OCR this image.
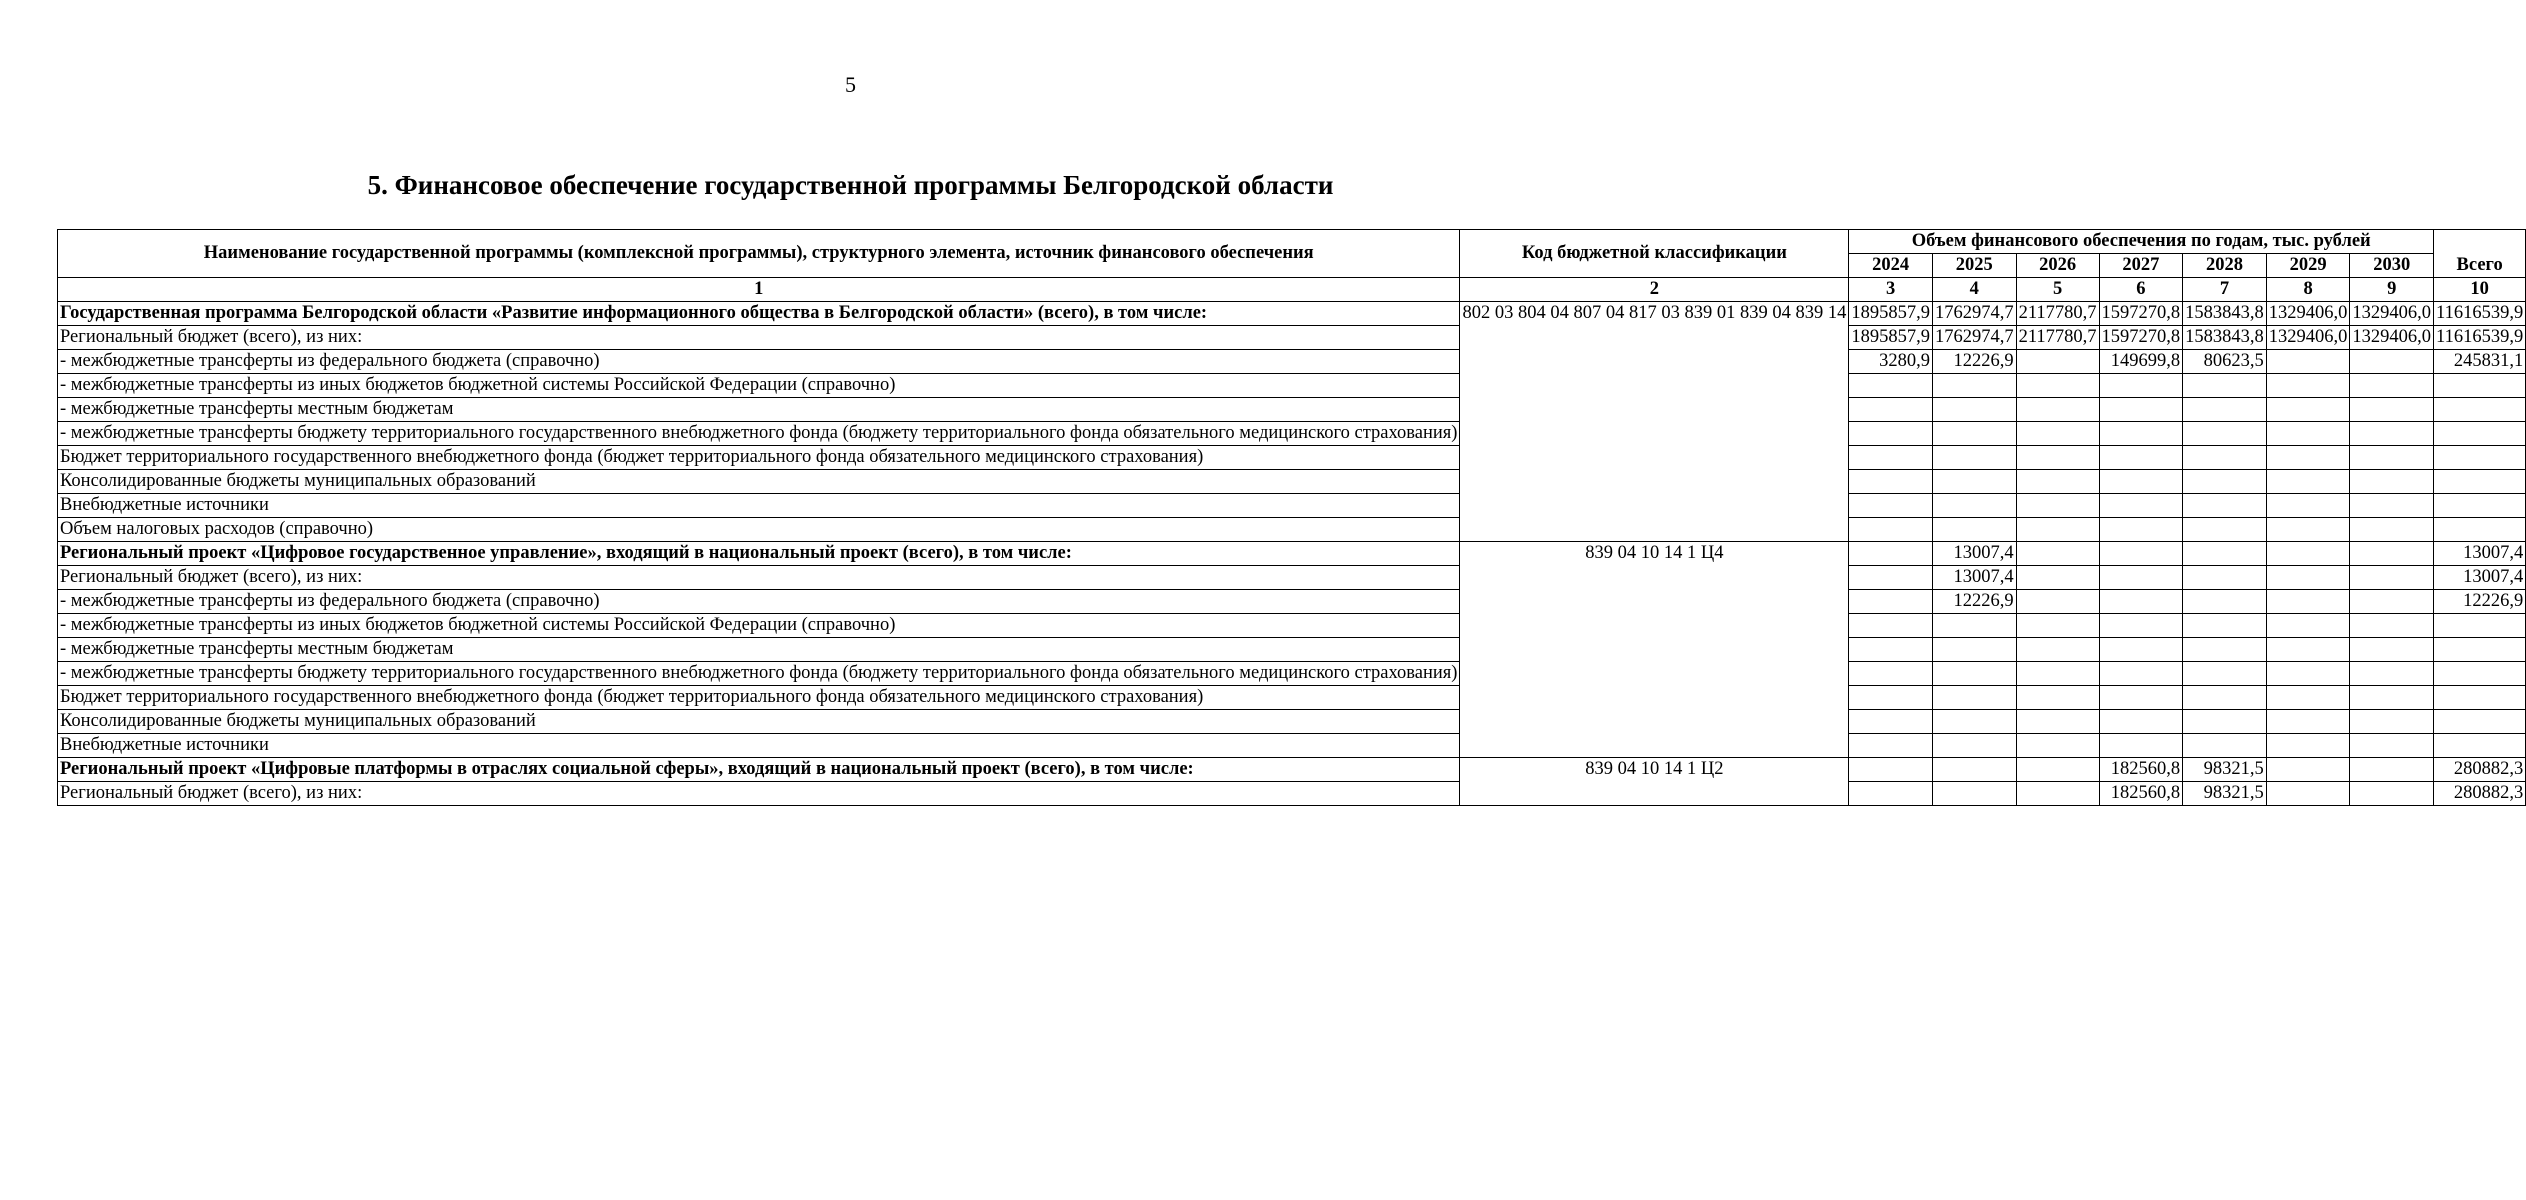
5
5. Финансовое обеспечение государственной программы Белгородской области
Наименование государственной программы (комплексной программы), структурного элемента, источник финансового обеспечения	Код бюджетной классификации	Объем финансового обеспечения по годам, тыс. рублей							
		2024	2025	2026	2027	2028	2029	2030	Всего
1	2	3	4	5	6	7	8	9	10
Государственная программа Белгородской области «Развитие информационного общества в Белгородской области» (всего), в том числе:	802 03 804 04 807 04 817 03 839 01 839 04 839 14	1895857,9	1762974,7	2117780,7	1597270,8	1583843,8	1329406,0	1329406,0	11616539,9
Региональный бюджет (всего), из них:		1895857,9	1762974,7	2117780,7	1597270,8	1583843,8	1329406,0	1329406,0	11616539,9
- межбюджетные трансферты из федерального бюджета (справочно)		3280,9	12226,9		149699,8	80623,5			245831,1
- межбюджетные трансферты из иных бюджетов бюджетной системы Российской Федерации (справочно)									
- межбюджетные трансферты местным бюджетам									
- межбюджетные трансферты бюджету территориального государственного внебюджетного фонда (бюджету территориального фонда обязательного медицинского страхования)									
Бюджет территориального государственного внебюджетного фонда (бюджет территориального фонда обязательного медицинского страхования)									
Консолидированные бюджеты муниципальных образований									
Внебюджетные источники									
Объем налоговых расходов (справочно)									
Региональный проект «Цифровое государственное управление», входящий в национальный проект (всего), в том числе:	839 04 10 14 1 Ц4		13007,4						13007,4
Региональный бюджет (всего), из них:			13007,4						13007,4
- межбюджетные трансферты из федерального бюджета (справочно)			12226,9						12226,9
- межбюджетные трансферты из иных бюджетов бюджетной системы Российской Федерации (справочно)									
- межбюджетные трансферты местным бюджетам									
- межбюджетные трансферты бюджету территориального государственного внебюджетного фонда (бюджету территориального фонда обязательного медицинского страхования)									
Бюджет территориального государственного внебюджетного фонда (бюджет территориального фонда обязательного медицинского страхования)									
Консолидированные бюджеты муниципальных образований									
Внебюджетные источники									
Региональный проект «Цифровые платформы в отраслях социальной сферы», входящий в национальный проект (всего), в том числе:	839 04 10 14 1 Ц2				182560,8	98321,5			280882,3
Региональный бюджет (всего), из них:					182560,8	98321,5			280882,3
